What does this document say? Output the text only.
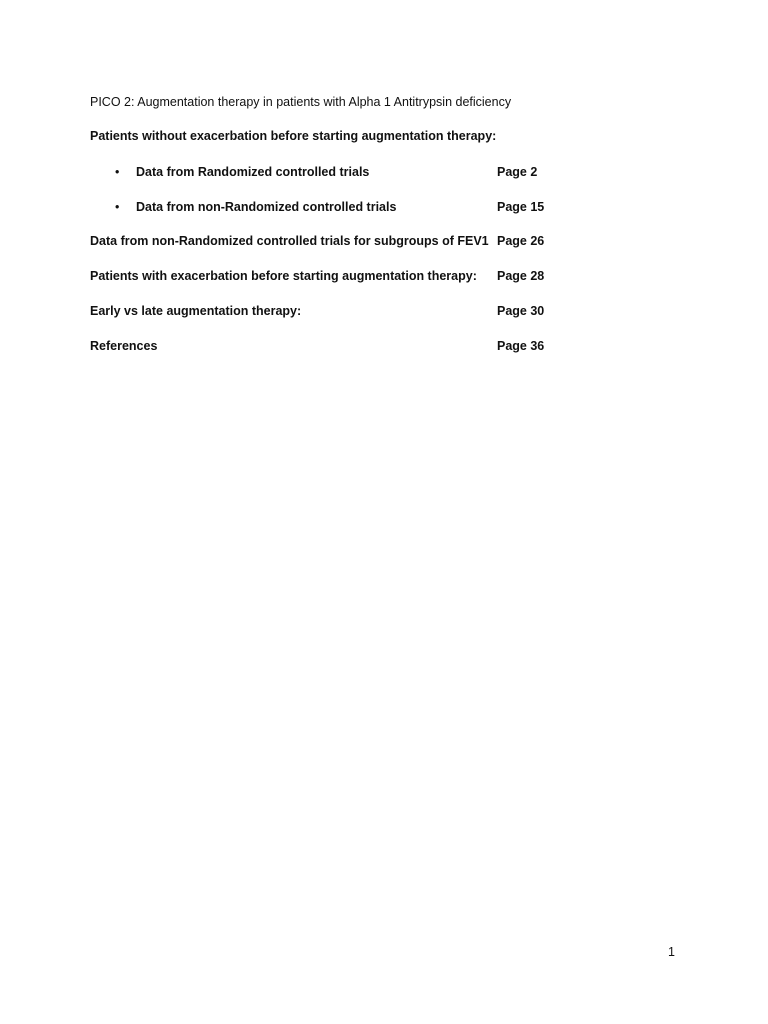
PICO 2: Augmentation therapy in patients with Alpha 1 Antitrypsin deficiency
Patients without exacerbation before starting augmentation therapy:
• Data from Randomized controlled trials	Page 2
• Data from non-Randomized controlled trials	Page 15
Data from non-Randomized controlled trials for subgroups of FEV1 Page 26
Patients with exacerbation before starting augmentation therapy: Page 28
Early vs late augmentation therapy:	Page 30
References	Page 36
1
